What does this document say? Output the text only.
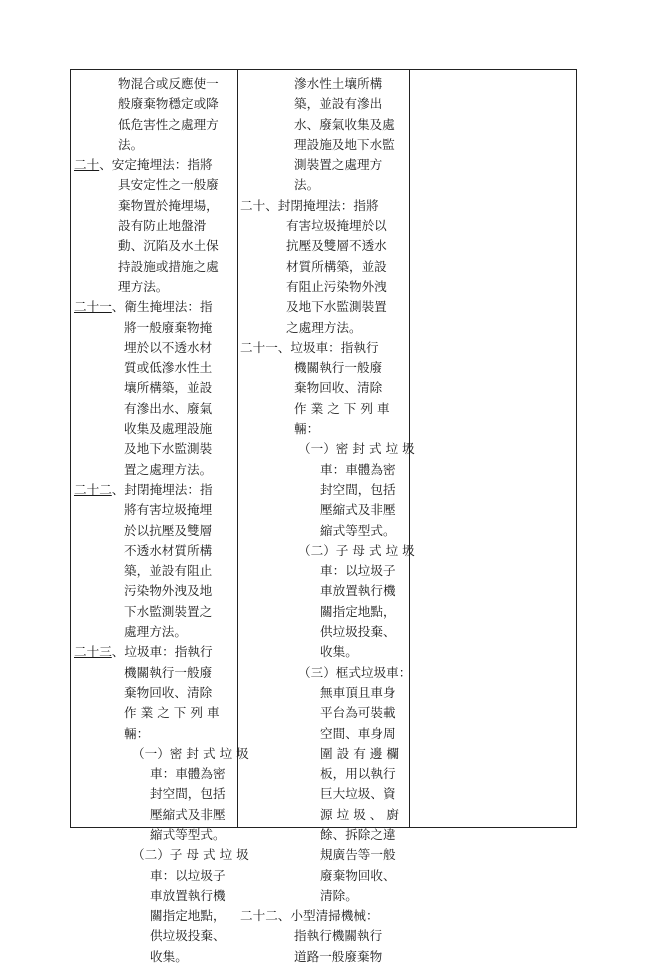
物混合或反應使一
般廢棄物穩定或降
低危害性之處理方
法。
二十、安定掩埋法：指將
具安定性之一般廢
棄物置於掩埋場，
設有防止地盤滑
動、沉陷及水土保
持設施或措施之處
理方法。
二十一、衛生掩埋法：指
將一般廢棄物掩
埋於以不透水材
質或低滲水性土
壤所構築，並設
有滲出水、廢氣
收集及處理設施
及地下水監測裝
置之處理方法。
二十二、封閉掩埋法：指
將有害垃圾掩埋
於以抗壓及雙層
不透水材質所構
築，並設有阻止
污染物外洩及地
下水監測裝置之
處理方法。
二十三、垃圾車：指執行
機關執行一般廢
棄物回收、清除
作 業 之 下 列 車
輛：
（一）密 封 式 垃 圾
車：車體為密
封空間，包括
壓縮式及非壓
縮式等型式。
（二）子 母 式 垃 圾
車：以垃圾子
車放置執行機
關指定地點，
供垃圾投棄、
收集。
滲水性土壤所構
築，並設有滲出
水、廢氣收集及處
理設施及地下水監
測裝置之處理方
法。
二十、封閉掩埋法：指將
有害垃圾掩埋於以
抗壓及雙層不透水
材質所構築，並設
有阻止污染物外洩
及地下水監測裝置
之處理方法。
二十一、垃圾車：指執行
機關執行一般廢
棄物回收、清除
作 業 之 下 列 車
輛：
（一）密 封 式 垃 圾
車：車體為密
封空間，包括
壓縮式及非壓
縮式等型式。
（二）子 母 式 垃 圾
車：以垃圾子
車放置執行機
關指定地點，
供垃圾投棄、
收集。
（三）框式垃圾車：
無車頂且車身
平台為可裝載
空間、車身周
圍 設 有 邊 欄
板，用以執行
巨大垃圾、資
源 垃 圾 、 廚
餘、拆除之違
規廣告等一般
廢棄物回收、
清除。
二十二、小型清掃機械：
指執行機關執行
道路一般廢棄物
